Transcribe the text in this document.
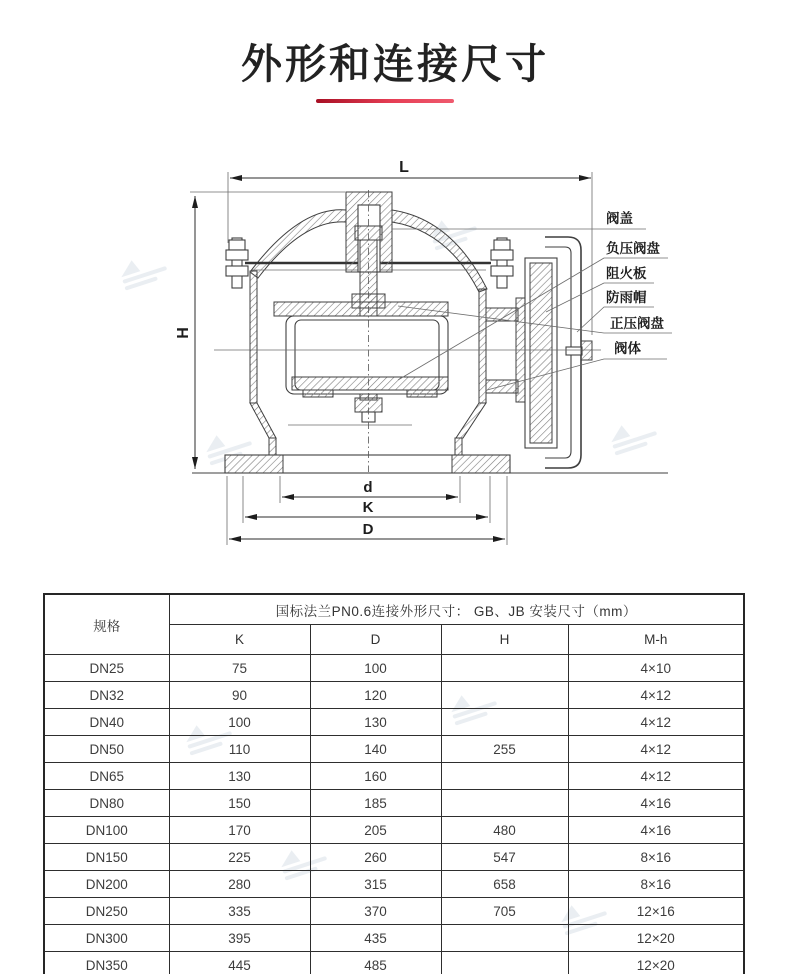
外形和连接尺寸
L
H
d
K
D
阀盖
负压阀盘
阻火板
防雨帽
正压阀盘
阀体
规格	国标法兰PN0.6连接外形尺寸： GB、JB 安装尺寸（mm）			
	K	D	H	M-h
DN25	75	100		4×10
DN32	90	120		4×12
DN40	100	130		4×12
DN50	110	140	255	4×12
DN65	130	160		4×12
DN80	150	185		4×16
DN100	170	205	480	4×16
DN150	225	260	547	8×16
DN200	280	315	658	8×16
DN250	335	370	705	12×16
DN300	395	435		12×20
DN350	445	485		12×20
